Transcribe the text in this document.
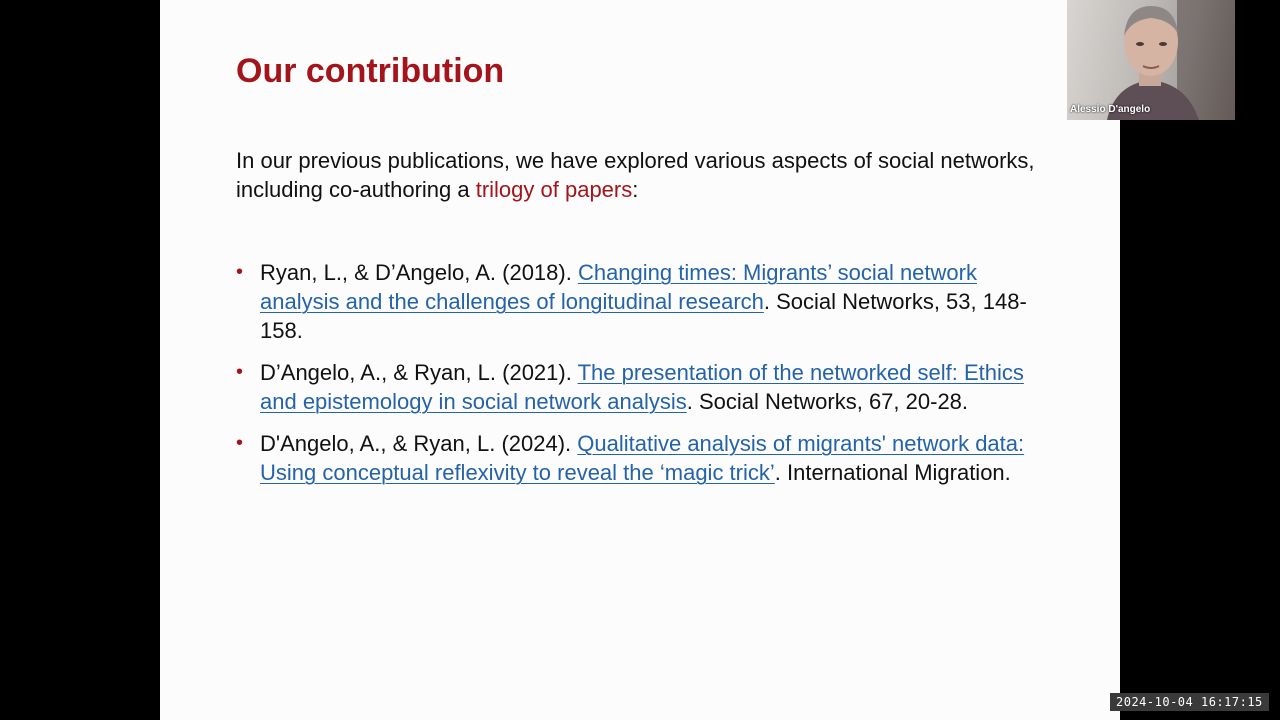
Our contribution

In our previous publications, we have explored various aspects of social networks, including co-authoring a trilogy of papers:

• Ryan, L., & D’Angelo, A. (2018). Changing times: Migrants’ social network analysis and the challenges of longitudinal research. Social Networks, 53, 148-158.
• D’Angelo, A., & Ryan, L. (2021). The presentation of the networked self: Ethics and epistemology in social network analysis. Social Networks, 67, 20-28.
• D'Angelo, A., & Ryan, L. (2024). Qualitative analysis of migrants' network data: Using conceptual reflexivity to reveal the ‘magic trick’. International Migration.
Alessio D'angelo
2024-10-04 16:17:15
